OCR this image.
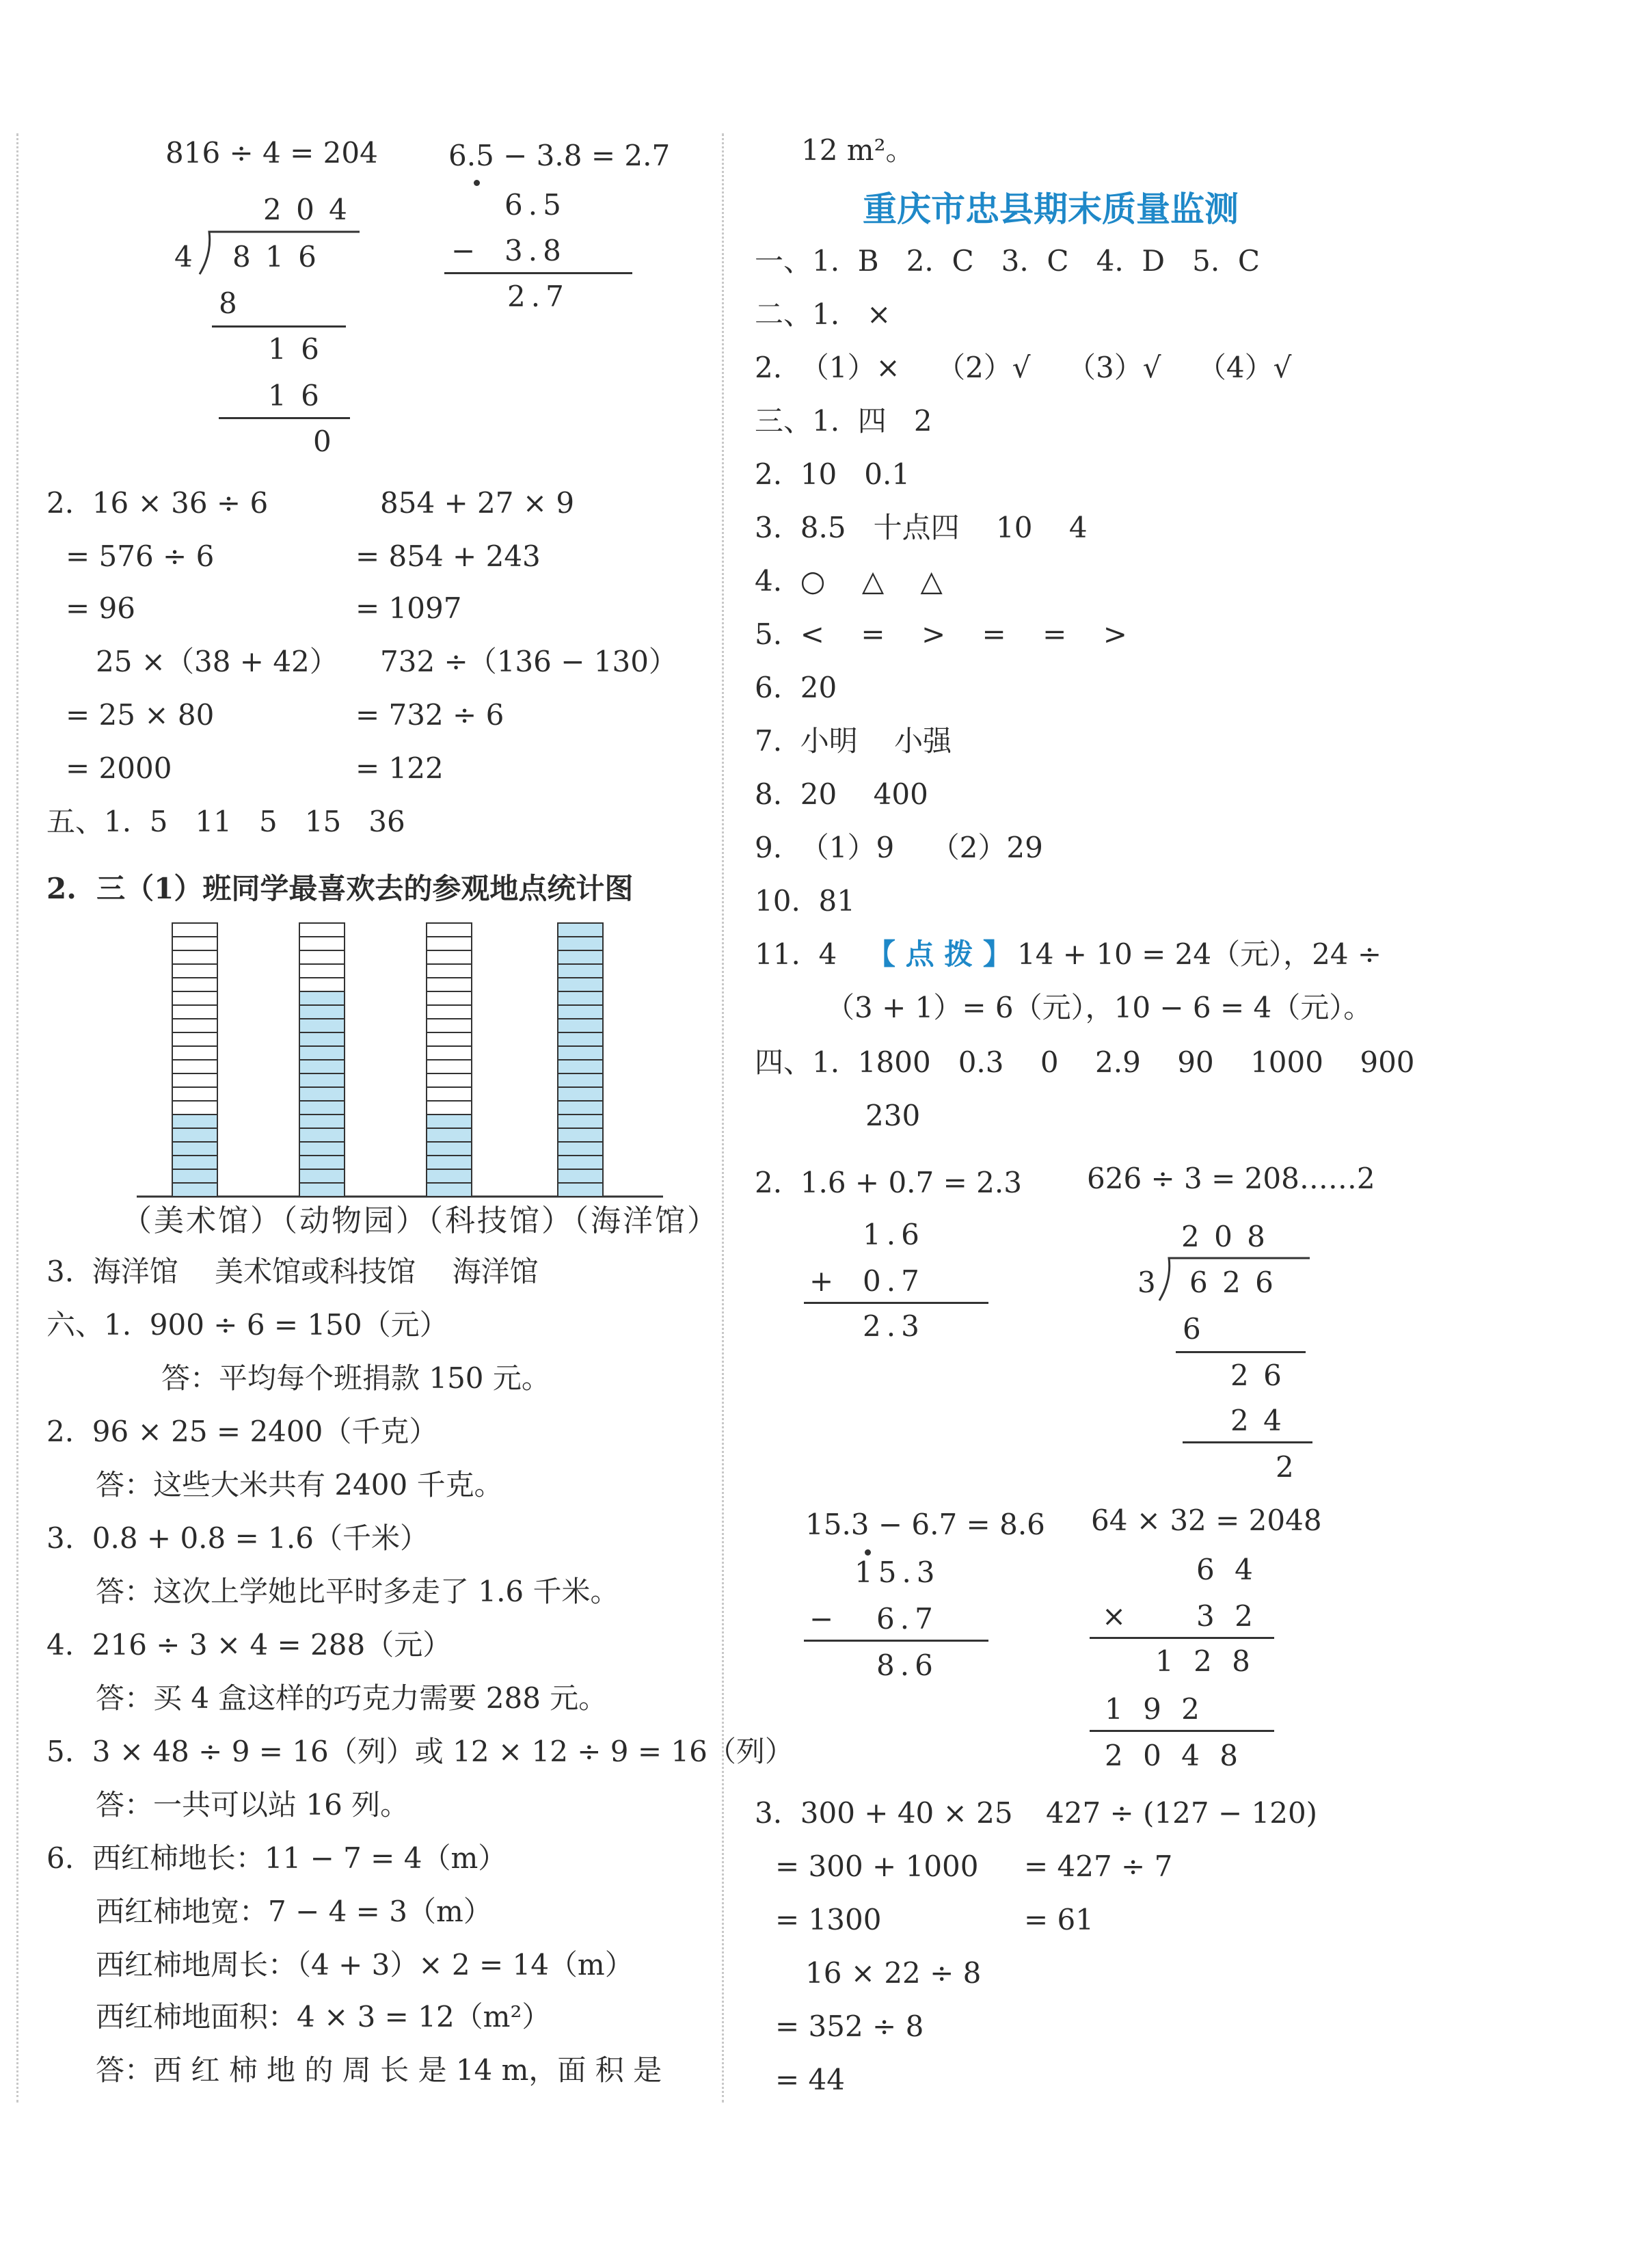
816 ÷ 4 = 204
2 0 4
4 8 1 6
8
1 6
1 6
0
6.5 − 3.8 = 2.7
6.5
− 3.8
2.7
2.  16 × 36 ÷ 6
= 576 ÷ 6
= 96
854 + 27 × 9
= 854 + 243
= 1097
25 ×（38 + 42）
= 25 × 80
= 2000
732 ÷（136 − 130）
= 732 ÷ 6
= 122
五、1.  5   11   5   15   36
2.  三（1）班同学最喜欢去的参观地点统计图
（美术馆）（动物园）（科技馆）（海洋馆）
3.  海洋馆    美术馆或科技馆    海洋馆
六、1.  900 ÷ 6 = 150（元）
答：平均每个班捐款 150 元。
2.  96 × 25 = 2400（千克）
答：这些大米共有 2400 千克。
3.  0.8 + 0.8 = 1.6（千米）
答：这次上学她比平时多走了 1.6 千米。
4.  216 ÷ 3 × 4 = 288（元）
答：买 4 盒这样的巧克力需要 288 元。
5.  3 × 48 ÷ 9 = 16（列）或 12 × 12 ÷ 9 = 16（列）
答：一共可以站 16 列。
6.  西红柿地长：11 − 7 = 4（m）
西红柿地宽：7 − 4 = 3（m）
西红柿地周长：（4 + 3）× 2 = 14（m）
西红柿地面积：4 × 3 = 12（m²）
答：西 红 柿 地 的 周 长 是 14 m，面 积 是
12 m²。
重庆市忠县期末质量监测
一、1.  B   2.  C   3.  C   4.  D   5.  C
二、1.   ×
2.  （1）×    （2）√    （3）√    （4）√
三、1.  四   2
2.  10   0.1
3.  8.5   十点四    10    4
4.  ○    △    △
5.  <    =    >    =    =    >
6.  20
7.  小明    小强
8.  20    400
9.  （1）9    （2）29
10.  81
11.  4 【 点 拨 】 14 + 10 = 24（元），24 ÷
（3 + 1）= 6（元），10 − 6 = 4（元）。
四、1.  1800   0.3    0    2.9    90    1000    900
230
2.  1.6 + 0.7 = 2.3
1.6
+ 0.7
2.3
626 ÷ 3 = 208……2
2 0 8
3 6 2 6
6
2 6
2 4
2
15.3 − 6.7 = 8.6
15.3
− 6.7
8.6
64 × 32 = 2048
6 4
× 3 2
1 2 8
1 9 2
2 0 4 8
3.  300 + 40 × 25
= 300 + 1000
= 1300
427 ÷ (127 − 120)
= 427 ÷ 7
= 61
16 × 22 ÷ 8
= 352 ÷ 8
= 44
